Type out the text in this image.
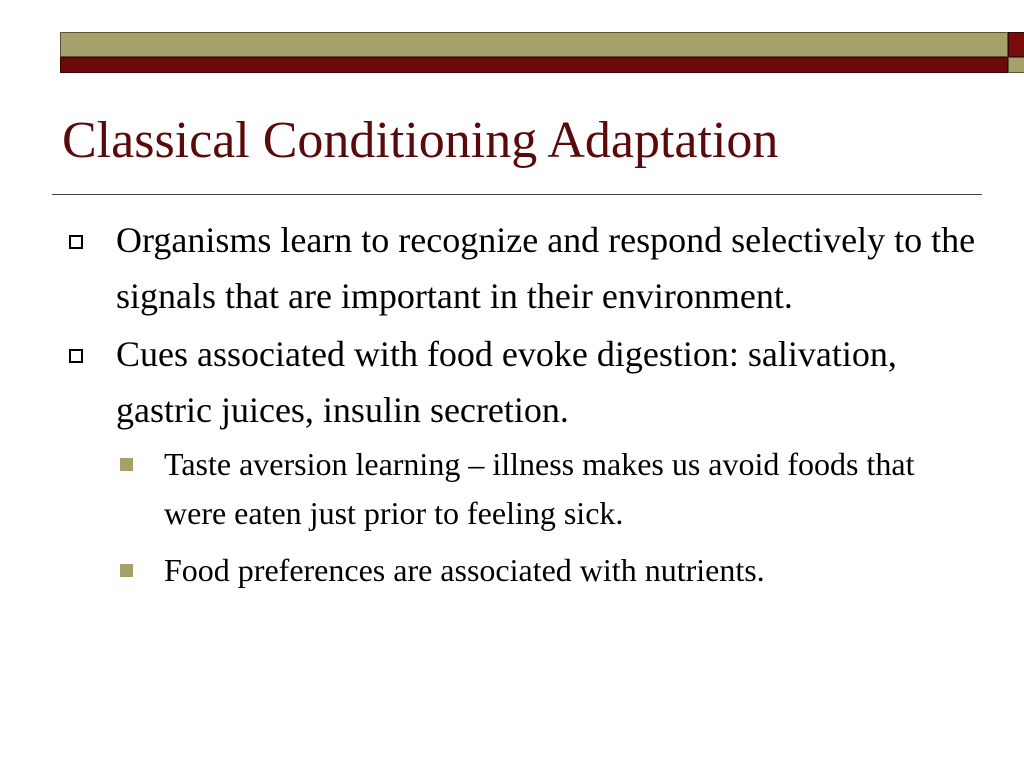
Classical Conditioning Adaptation
Organisms learn to recognize and respond selectively to the signals that are important in their environment.
Cues associated with food evoke digestion: salivation, gastric juices, insulin secretion.
Taste aversion learning – illness makes us avoid foods that were eaten just prior to feeling sick.
Food preferences are associated with nutrients.
